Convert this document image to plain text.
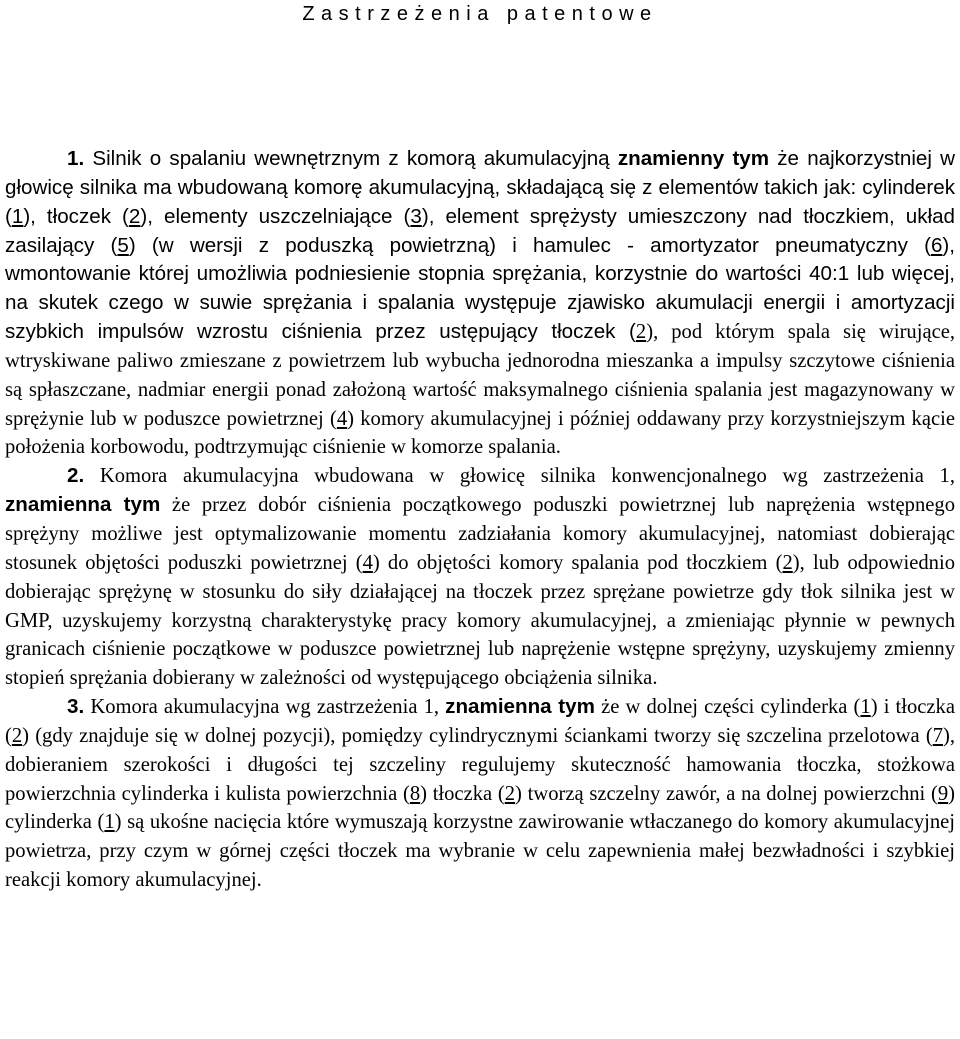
Zastrzeżenia patentowe

1. Silnik o spalaniu wewnętrznym z komorą akumulacyjną znamienny tym że najkorzystniej w głowicę silnika ma wbudowaną komorę akumulacyjną, składającą się z elementów takich jak: cylinderek (1), tłoczek (2), elementy uszczelniające (3), element sprężysty umieszczony nad tłoczkiem, układ zasilający (5) (w wersji z poduszką powietrzną) i hamulec - amortyzator pneumatyczny (6), wmontowanie której umożliwia podniesienie stopnia sprężania, korzystnie do wartości 40:1 lub więcej, na skutek czego w suwie sprężania i spalania występuje zjawisko akumulacji energii i amortyzacji szybkich impulsów wzrostu ciśnienia przez ustępujący tłoczek (2), pod którym spala się wirujące, wtryskiwane paliwo zmieszane z powietrzem lub wybucha jednorodna mieszanka a impulsy szczytowe ciśnienia są spłaszczane, nadmiar energii ponad założoną wartość maksymalnego ciśnienia spalania jest magazynowany w sprężynie lub w poduszce powietrznej (4) komory akumulacyjnej i później oddawany przy korzystniejszym kącie położenia korbowodu, podtrzymując ciśnienie w komorze spalania.

2. Komora akumulacyjna wbudowana w głowicę silnika konwencjonalnego wg zastrzeżenia 1, znamienna tym że przez dobór ciśnienia początkowego poduszki powietrznej lub naprężenia wstępnego sprężyny możliwe jest optymalizowanie momentu zadziałania komory akumulacyjnej, natomiast dobierając stosunek objętości poduszki powietrznej (4) do objętości komory spalania pod tłoczkiem (2), lub odpowiednio dobierając sprężynę w stosunku do siły działającej na tłoczek przez sprężane powietrze gdy tłok silnika jest w GMP, uzyskujemy korzystną charakterystykę pracy komory akumulacyjnej, a zmieniając płynnie w pewnych granicach ciśnienie początkowe w poduszce powietrznej lub naprężenie wstępne sprężyny, uzyskujemy zmienny stopień sprężania dobierany w zależności od występującego obciążenia silnika.

3. Komora akumulacyjna wg zastrzeżenia 1, znamienna tym że w dolnej części cylinderka (1) i tłoczka (2) (gdy znajduje się w dolnej pozycji), pomiędzy cylindrycznymi ściankami tworzy się szczelina przelotowa (7), dobieraniem szerokości i długości tej szczeliny regulujemy skuteczność hamowania tłoczka, stożkowa powierzchnia cylinderka i kulista powierzchnia (8) tłoczka (2) tworzą szczelny zawór, a na dolnej powierzchni (9) cylinderka (1) są ukośne nacięcia które wymuszają korzystne zawirowanie wtłaczanego do komory akumulacyjnej powietrza, przy czym w górnej części tłoczek ma wybranie w celu zapewnienia małej bezwładności i szybkiej reakcji komory akumulacyjnej.
